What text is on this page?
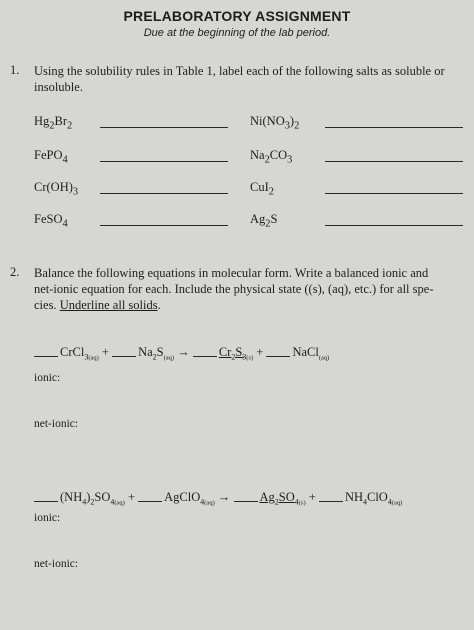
PRELABORATORY ASSIGNMENT
Due at the beginning of the lab period.
1. Using the solubility rules in Table 1, label each of the following salts as soluble or
insoluble.
$Hg_2Br_2$
FePO$_4$
$Cr(OH)_3$
FeSO$_4$
$Ni(NO_3)_2$
$Na_2CO_3$
CuI$_2$
$Ag_2S$
2. Balance the following equations in molecular form. Write a balanced ionic and
net-ionic equation for each. Include the physical state ((s), (aq), etc.) for all spe-
cies. Underline all solids.
CrCl$_{3(aq)}$ + $Na_2S_{(aq)} \to Cr_2S_{3(s)}$ + NaCl$_{(aq)}$
ionic:
net-ionic:
$(NH_4)_2SO_{4(aq)}$ + AgClO$_{4(aq)}$ → $Ag_2SO_{4(s)} + NH_4ClO_{4(aq)}$
ionic:
net-ionic:
